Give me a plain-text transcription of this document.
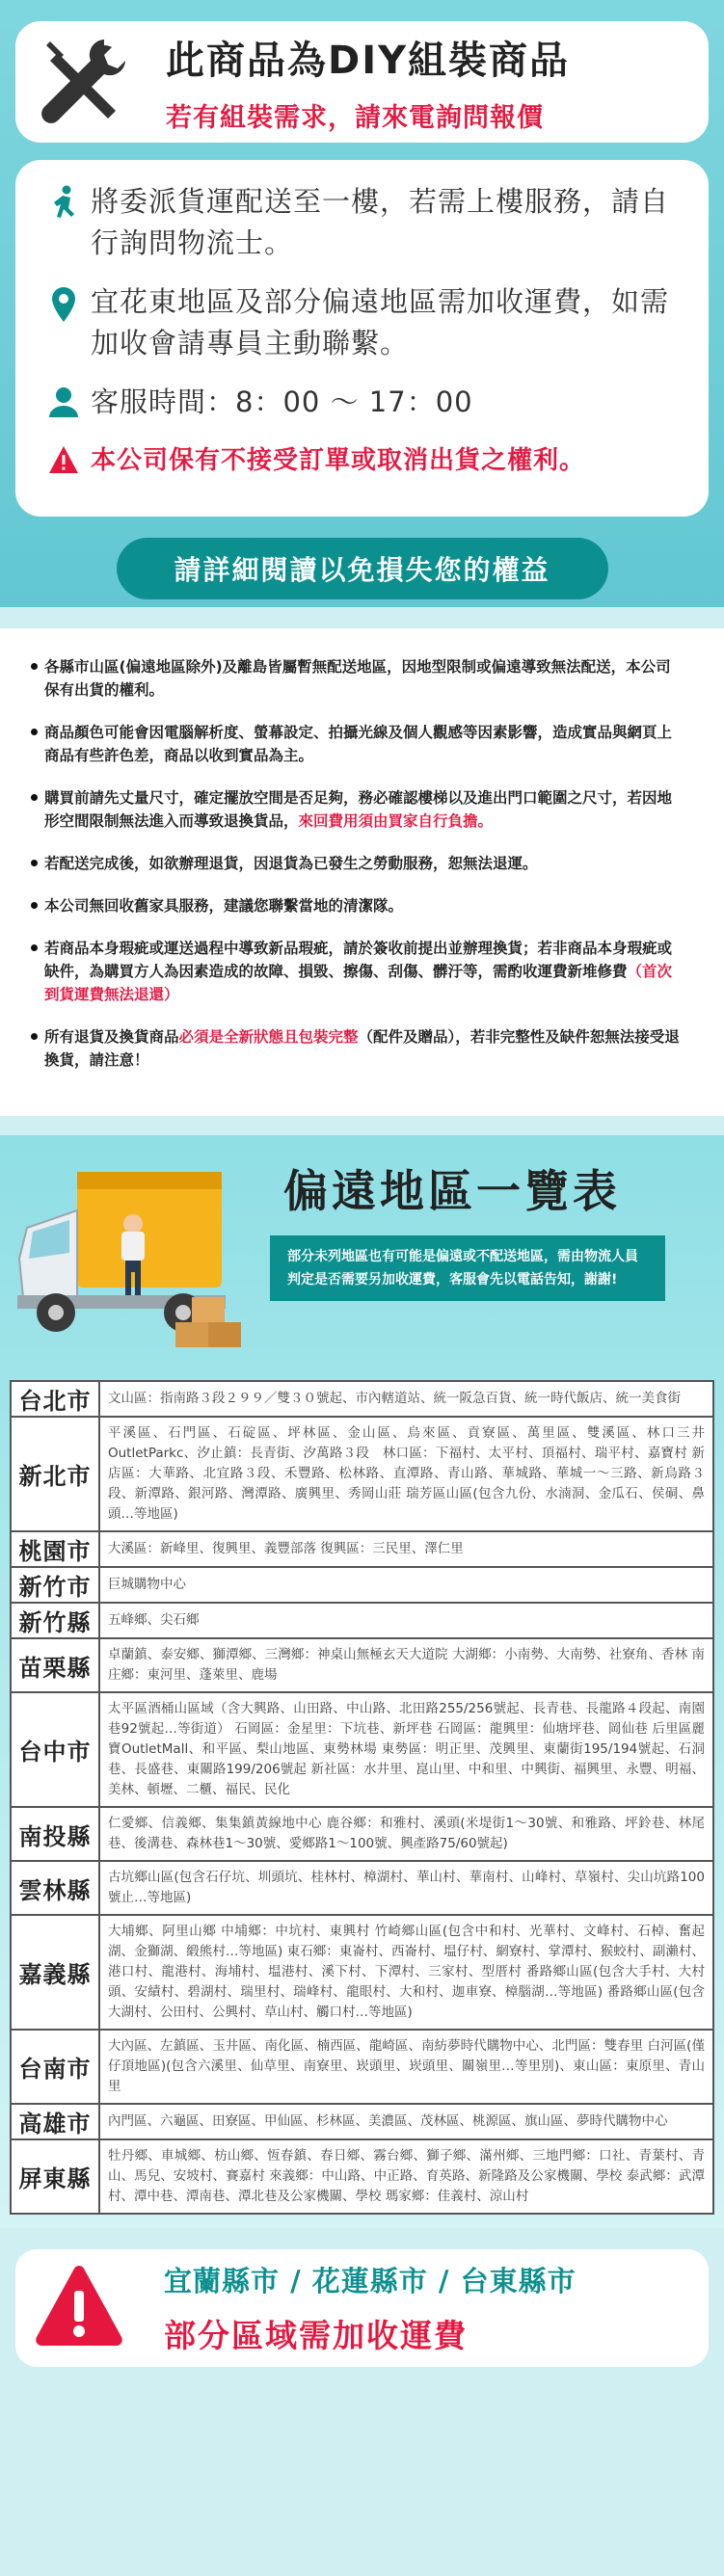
此商品為DIY組裝商品
若有組裝需求，請來電詢問報價
將委派貨運配送至一樓，若需上樓服務，請自行詢問物流士。
宜花東地區及部分偏遠地區需加收運費，如需加收會請專員主動聯繫。
客服時間：8：00 ～ 17：00
本公司保有不接受訂單或取消出貨之權利。
請詳細閱讀以免損失您的權益
各縣市山區(偏遠地區除外)及離島皆屬暫無配送地區，因地型限制或偏遠導致無法配送，本公司保有出貨的權利。
商品顏色可能會因電腦解析度、螢幕設定、拍攝光線及個人觀感等因素影響，造成實品與網頁上商品有些許色差，商品以收到實品為主。
購買前請先丈量尺寸，確定擺放空間是否足夠，務必確認樓梯以及進出門口範圍之尺寸，若因地形空間限制無法進入而導致退換貨品，來回費用須由買家自行負擔。
若配送完成後，如欲辦理退貨，因退貨為已發生之勞動服務，恕無法退運。
本公司無回收舊家具服務，建議您聯繫當地的清潔隊。
若商品本身瑕疵或運送過程中導致新品瑕疵，請於簽收前提出並辦理換貨；若非商品本身瑕疵或缺件，為購買方人為因素造成的故障、損毀、擦傷、刮傷、髒汙等，需酌收運費新堆修費（首次到貨運費無法退還）
所有退貨及換貨商品必須是全新狀態且包裝完整（配件及贈品），若非完整性及缺件恕無法接受退換貨，請注意！
偏遠地區一覽表
部分未列地區也有可能是偏遠或不配送地區，需由物流人員判定是否需要另加收運費，客服會先以電話告知，謝謝!
台北市	文山區：指南路３段２９９／雙３０號起、市內轄道站、統一阪急百貨、統一時代飯店、統一美食街
新北市	平溪區、石門區、石碇區、坪林區、金山區、烏來區、貢寮區、萬里區、雙溪區、林口三井OutletParkc、汐止鎮：長青街、汐萬路３段　林口區：下福村、太平村、頂福村、瑞平村、嘉寶村 新店區：大華路、北宜路３段、禾豐路、松林路、直潭路、青山路、華城路、華城一～三路、新烏路３段、新潭路、銀河路、灣潭路、廣興里、秀岡山莊 瑞芳區山區(包含九份、水湳洞、金瓜石、侯硐、鼻頭…等地區)
桃園市	大溪區：新峰里、復興里、義豐部落 復興區：三民里、澤仁里
新竹市	巨城購物中心
新竹縣	五峰鄉、尖石鄉
苗栗縣	卓蘭鎮、泰安鄉、獅潭鄉、三灣鄉：神桌山無極玄天大道院 大湖鄉：小南勢、大南勢、社寮角、香林 南庄鄉：東河里、蓬萊里、鹿場
台中市	太平區酒桶山區域（含大興路、山田路、中山路、北田路255/256號起、長青巷、長龍路４段起、南園巷92號起…等街道） 石岡區：金星里：下坑巷、新坪巷 石岡區：龍興里：仙塘坪巷、岡仙巷 后里區麗寶OutletMall、和平區、梨山地區、東勢林場 東勢區：明正里、茂興里、東蘭街195/194號起、石洞巷、長盛巷、東關路199/206號起 新社區：水井里、崑山里、中和里、中興街、福興里、永豐、明福、美林、頓壢、二櫃、福民、民化
南投縣	仁愛鄉、信義鄉、集集鎮黃線地中心 鹿谷鄉：和雅村、溪頭(米堤街1～30號、和雅路、坪鈴巷、林尾巷、後溝巷、森林巷1～30號、愛鄉路1～100號、興產路75/60號起)
雲林縣	古坑鄉山區(包含石仔坑、圳頭坑、桂林村、樟湖村、華山村、華南村、山峰村、草嶺村、尖山坑路100號止…等地區)
嘉義縣	大埔鄉、阿里山鄉 中埔鄉：中坑村、東興村 竹崎鄉山區(包含中和村、光華村、文峰村、石棹、奮起湖、金獅湖、緞熊村…等地區) 東石鄉：東崙村、西崙村、塭仔村、網寮村、掌潭村、猴蛟村、副瀨村、港口村、龍港村、海埔村、塭港村、溪下村、下潭村、三家村、型厝村 番路鄉山區(包含大手村、大村頭、安績村、碧湖村、瑞里村、瑞峰村、龍眼村、大和村、迦車寮、樟腦湖…等地區) 番路鄉山區(包含大湖村、公田村、公興村、草山村、觸口村…等地區)
台南市	大內區、左鎮區、玉井區、南化區、楠西區、龍崎區、南紡夢時代購物中心、北門區：雙春里 白河區(僅仔頂地區)(包含六溪里、仙草里、南寮里、崁頭里、崁頭里、關嶺里…等里別)、東山區：東原里、青山里
高雄市	內門區、六龜區、田寮區、甲仙區、杉林區、美濃區、茂林區、桃源區、旗山區、夢時代購物中心
屏東縣	牡丹鄉、車城鄉、枋山鄉、恆春鎮、春日鄉、霧台鄉、獅子鄉、滿州鄉、三地門鄉：口社、青葉村、青山、馬兒、安坡村、賽嘉村 來義鄉：中山路、中正路、育英路、新隆路及公家機關、學校 泰武鄉：武潭村、潭中巷、潭南巷、潭北巷及公家機關、學校 瑪家鄉：佳義村、涼山村
宜蘭縣市 / 花蓮縣市 / 台東縣市
部分區域需加收運費
